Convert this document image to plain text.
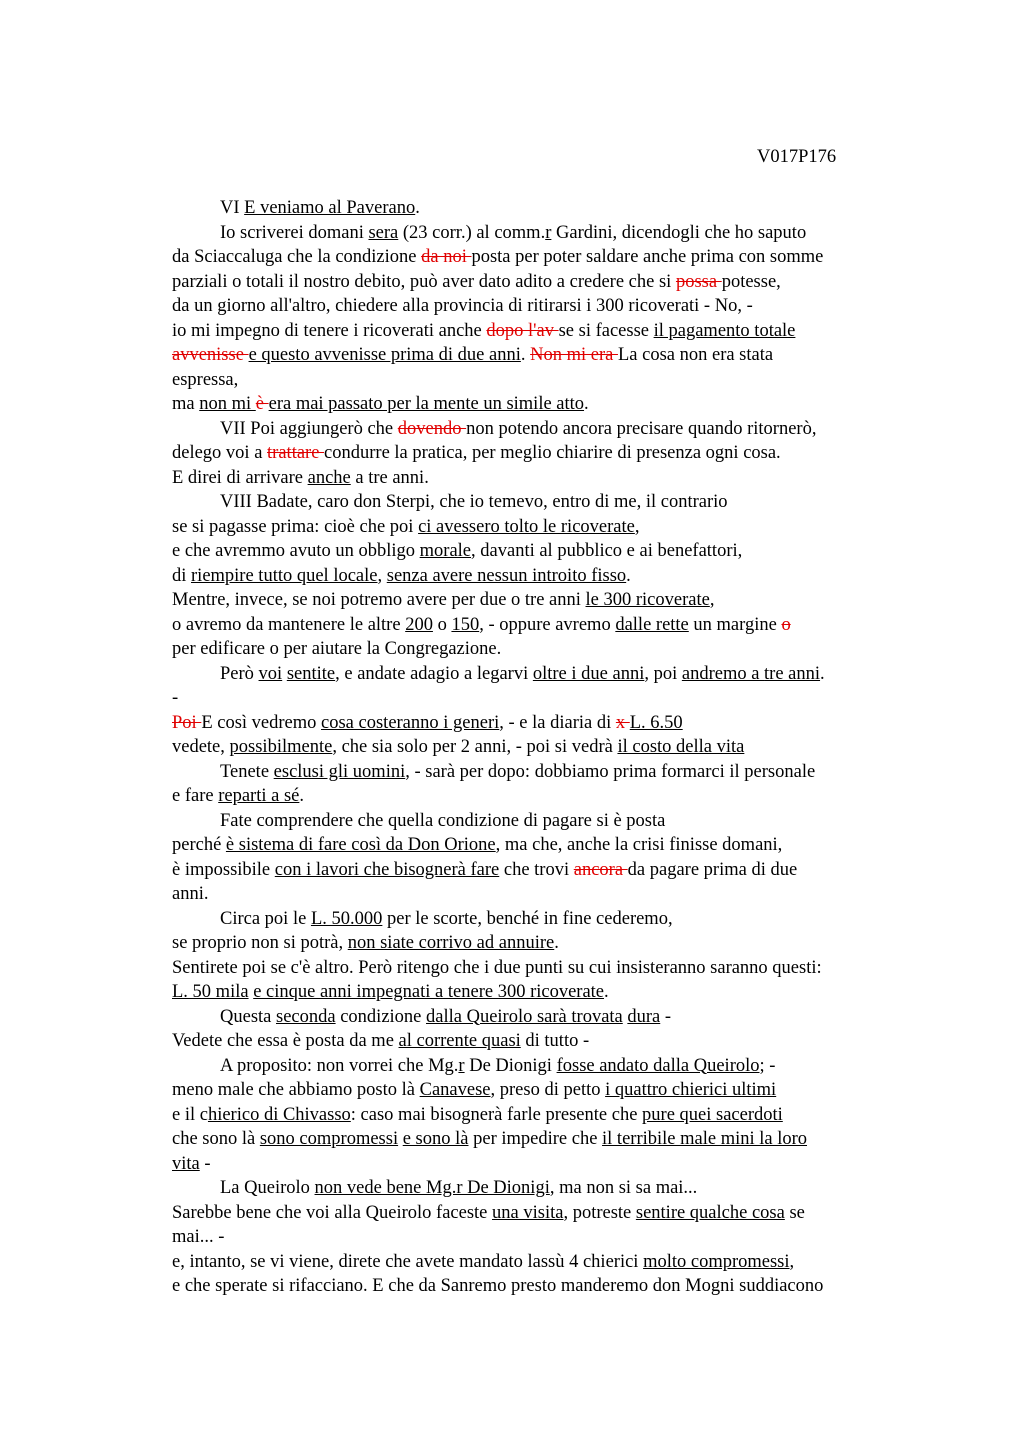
V017P176
VI E veniamo al Paverano.
Io scriverei domani sera (23 corr.) al comm.r Gardini, dicendogli che ho saputo
da Sciaccaluga che la condizione da noi posta per poter saldare anche prima con somme
parziali o totali il nostro debito, può aver dato adito a credere che si possa potesse,
da un giorno all'altro, chiedere alla provincia di ritirarsi i 300 ricoverati - No, -
io mi impegno di tenere i ricoverati anche dopo l'av se si facesse il pagamento totale
avvenisse e questo avvenisse prima di due anni. Non mi era La cosa non era stata
espressa,
ma non mi è era mai passato per la mente un simile atto.
VII Poi aggiungerò che dovendo non potendo ancora precisare quando ritornerò,
delego voi a trattare condurre la pratica, per meglio chiarire di presenza ogni cosa.
E direi di arrivare anche a tre anni.
VIII Badate, caro don Sterpi, che io temevo, entro di me, il contrario
se si pagasse prima: cioè che poi ci avessero tolto le ricoverate,
e che avremmo avuto un obbligo morale, davanti al pubblico e ai benefattori,
di riempire tutto quel locale, senza avere nessun introito fisso.
Mentre, invece, se noi potremo avere per due o tre anni le 300 ricoverate,
o avremo da mantenere le altre 200 o 150, - oppure avremo dalle rette un margine o
per edificare o per aiutare la Congregazione.
Però voi sentite, e andate adagio a legarvi oltre i due anni, poi andremo a tre anni.
-
Poi E così vedremo cosa costeranno i generi, - e la diaria di x L. 6.50
vedete, possibilmente, che sia solo per 2 anni, - poi si vedrà il costo della vita
Tenete esclusi gli uomini, - sarà per dopo: dobbiamo prima formarci il personale
e fare reparti a sé.
Fate comprendere che quella condizione di pagare si è posta
perché è sistema di fare così da Don Orione, ma che, anche la crisi finisse domani,
è impossibile con i lavori che bisognerà fare che trovi ancora da pagare prima di due
anni.
Circa poi le L. 50.000 per le scorte, benché in fine cederemo,
se proprio non si potrà, non siate corrivo ad annuire.
Sentirete poi se c'è altro. Però ritengo che i due punti su cui insisteranno saranno questi:
L. 50 mila e cinque anni impegnati a tenere 300 ricoverate.
Questa seconda condizione dalla Queirolo sarà trovata dura -
Vedete che essa è posta da me al corrente quasi di tutto -
A proposito: non vorrei che Mg.r De Dionigi fosse andato dalla Queirolo; -
meno male che abbiamo posto là Canavese, preso di petto i quattro chierici ultimi
e il chierico di Chivasso: caso mai bisognerà farle presente che pure quei sacerdoti
che sono là sono compromessi e sono là per impedire che il terribile male mini la loro
vita -
La Queirolo non vede bene Mg.r De Dionigi, ma non si sa mai...
Sarebbe bene che voi alla Queirolo faceste una visita, potreste sentire qualche cosa se
mai... -
e, intanto, se vi viene, direte che avete mandato lassù 4 chierici molto compromessi,
e che sperate si rifacciano. E che da Sanremo presto manderemo don Mogni suddiacono
